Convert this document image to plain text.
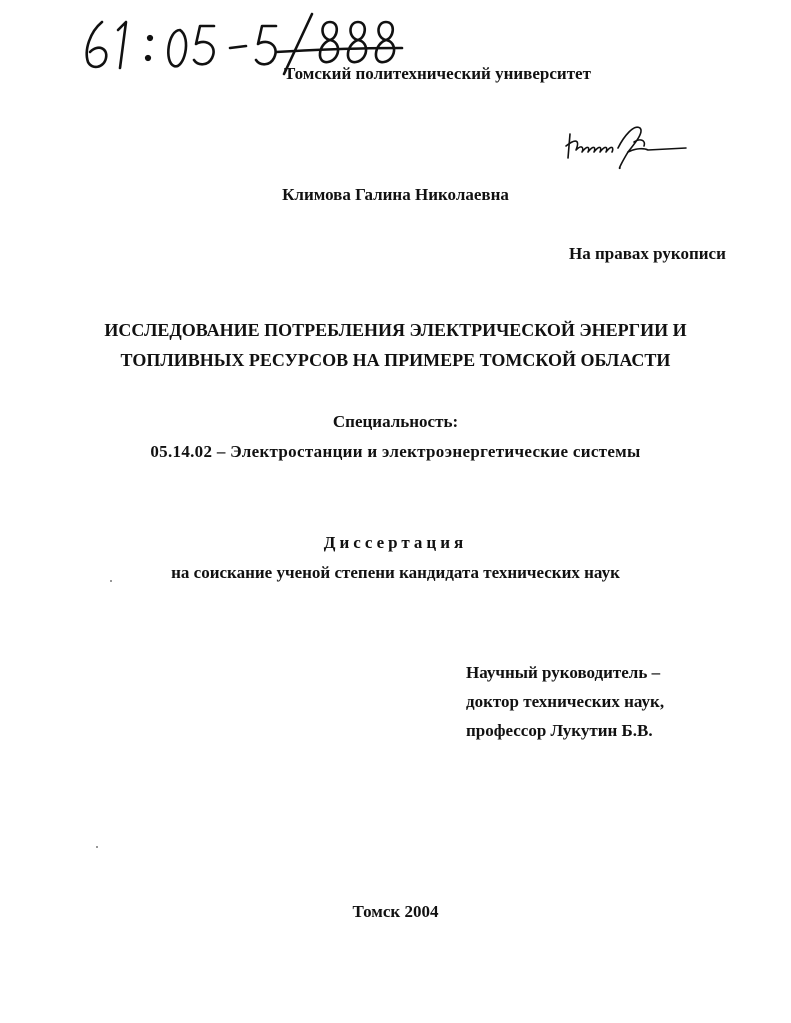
Томский политехнический университет
Климова Галина Николаевна
На правах рукописи
ИССЛЕДОВАНИЕ ПОТРЕБЛЕНИЯ ЭЛЕКТРИЧЕСКОЙ ЭНЕРГИИ И
ТОПЛИВНЫХ РЕСУРСОВ НА ПРИМЕРЕ ТОМСКОЙ ОБЛАСТИ
Специальность:
05.14.02 – Электростанции и электроэнергетические системы
Диссертация
на соискание ученой степени кандидата технических наук
Научный руководитель –
доктор технических наук,
профессор Лукутин Б.В.
Томск 2004
